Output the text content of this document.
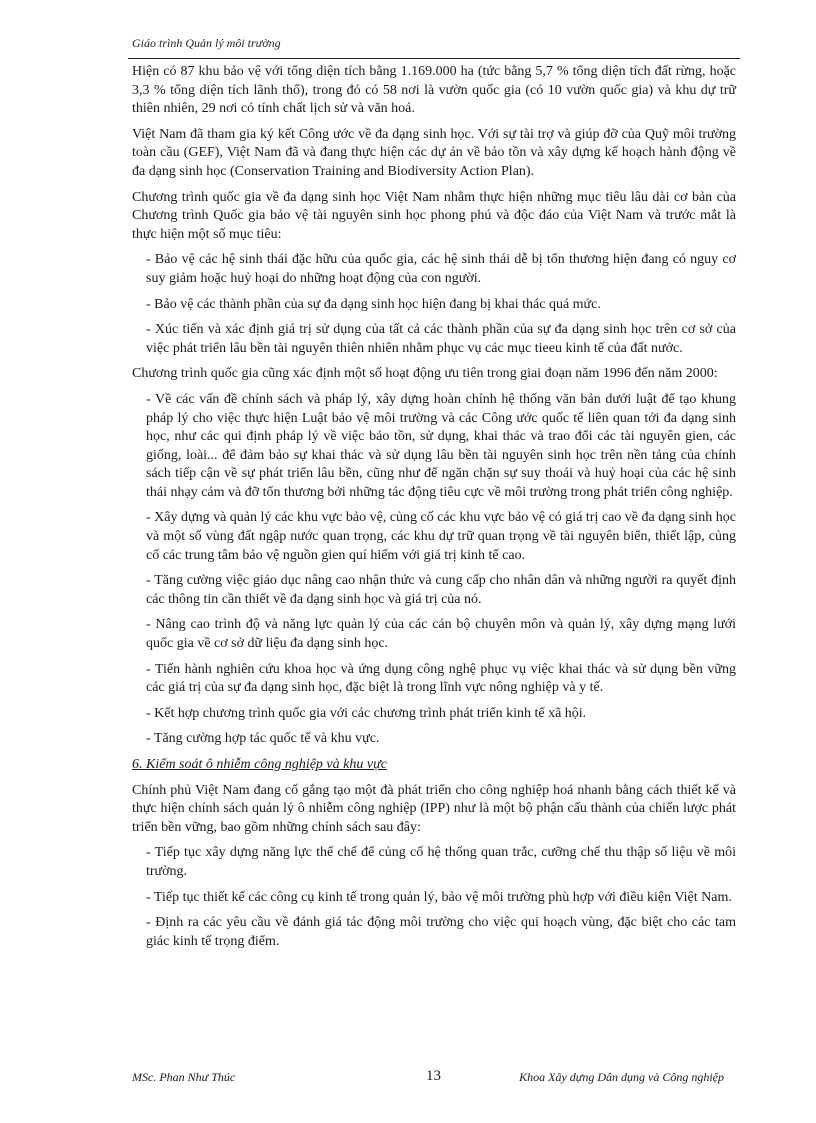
Giáo trình Quản lý môi trường

Hiện có 87 khu bảo vệ với tổng diện tích bằng 1.169.000 ha (tức bằng 5,7 % tổng diện tích đất rừng, hoặc 3,3 % tổng diện tích lãnh thổ), trong đó có 58 nơi là vườn quốc gia (có 10 vườn quốc gia) và khu dự trữ thiên nhiên, 29 nơi có tính chất lịch sử và văn hoá.

Việt Nam đã tham gia ký kết Công ước về đa dạng sinh học. Với sự tài trợ và giúp đỡ của Quỹ môi trường toàn cầu (GEF), Việt Nam đã và đang thực hiện các dự án về bảo tồn và xây dựng kế hoạch hành động về đa dạng sinh học (Conservation Training and Biodiversity Action Plan).

Chương trình quốc gia về đa dạng sinh học Việt Nam nhằm thực hiện những mục tiêu lâu dài cơ bản của Chương trình Quốc gia bảo vệ tài nguyên sinh học phong phú và độc đáo của Việt Nam và trước mắt là thực hiện một số mục tiêu:

- Bảo vệ các hệ sinh thái đặc hữu của quốc gia, các hệ sinh thái dễ bị tổn thương hiện đang có nguy cơ suy giảm hoặc huỷ hoại do những hoạt động của con người.

- Bảo vệ các thành phần của sự đa dạng sinh học hiện đang bị khai thác quá mức.

- Xúc tiến và xác định giá trị sử dụng của tất cả các thành phần của sự đa dạng sinh học trên cơ sở của việc phát triển lâu bền tài nguyên thiên nhiên nhằm phục vụ các mục tieeu kinh tế của đất nước.

Chương trình quốc gia cũng xác định một số hoạt động ưu tiên trong giai đoạn năm 1996 đến năm 2000:

- Về các vấn đề chính sách và pháp lý, xây dựng hoàn chỉnh hệ thống văn bản dưới luật để tạo khung pháp lý cho việc thực hiện Luật bảo vệ môi trường và các Công ước quốc tế liên quan tới đa dạng sinh học, như các qui định pháp lý về việc bảo tồn, sử dụng, khai thác và trao đổi các tài nguyên gien, các giống, loài... để đảm bảo sự khai thác và sử dụng lâu bền tài nguyên sinh học trên nền tảng của chính sách tiếp cận về sự phát triển lâu bền, cũng như để ngăn chặn sự suy thoái và huỷ hoại của các hệ sinh thái nhạy cảm và đỡ tổn thương bởi những tác động tiêu cực về môi trường trong phát triển công nghiệp.

- Xây dựng và quản lý các khu vực bảo vệ, củng cố các khu vực bảo vệ có giá trị cao về đa dạng sinh học và một số vùng đất ngập nước quan trọng, các khu dự trữ quan trọng về tài nguyên biển, thiết lập, củng cố các trung tâm bảo vệ nguồn gien quí hiếm với giá trị kinh tế cao.

- Tăng cường việc giáo dục nâng cao nhận thức và cung cấp cho nhân dân và những người ra quyết định các thông tin cần thiết về đa dạng sinh học và giá trị của nó.

- Nâng cao trình độ và năng lực quản lý của các cán bộ chuyên môn và quản lý, xây dựng mạng lưới quốc gia về cơ sở dữ liệu đa dạng sinh học.

- Tiến hành nghiên cứu khoa học và ứng dụng công nghệ phục vụ việc khai thác và sử dụng bền vững các giá trị của sự đa dạng sinh học, đặc biệt là trong lĩnh vực nông nghiệp và y tế.

- Kết hợp chương trình quốc gia với các chương trình phát triển kinh tế xã hội.

- Tăng cường hợp tác quốc tế và khu vực.

6. Kiểm soát ô nhiễm công nghiệp và khu vực

Chính phủ Việt Nam đang cố gắng tạo một đà phát triển cho công nghiệp hoá nhanh bằng cách thiết kế và thực hiện chính sách quản lý ô nhiễm công nghiệp (IPP) như là một bộ phận cấu thành của chiến lược phát triển bền vững, bao gồm những chính sách sau đây:

- Tiếp tục xây dựng năng lực thể chế để củng cố hệ thống quan trắc, cưỡng chế thu thập số liệu về môi trường.

- Tiếp tục thiết kế các công cụ kinh tế trong quản lý, bảo vệ môi trường phù hợp với điều kiện Việt Nam.

- Định ra các yêu cầu về đánh giá tác động môi trường cho việc qui hoạch vùng, đặc biệt cho các tam giác kinh tế trọng điểm.

MSc. Phan Như Thúc	13	Khoa Xây dựng Dân dụng và Công nghiệp
